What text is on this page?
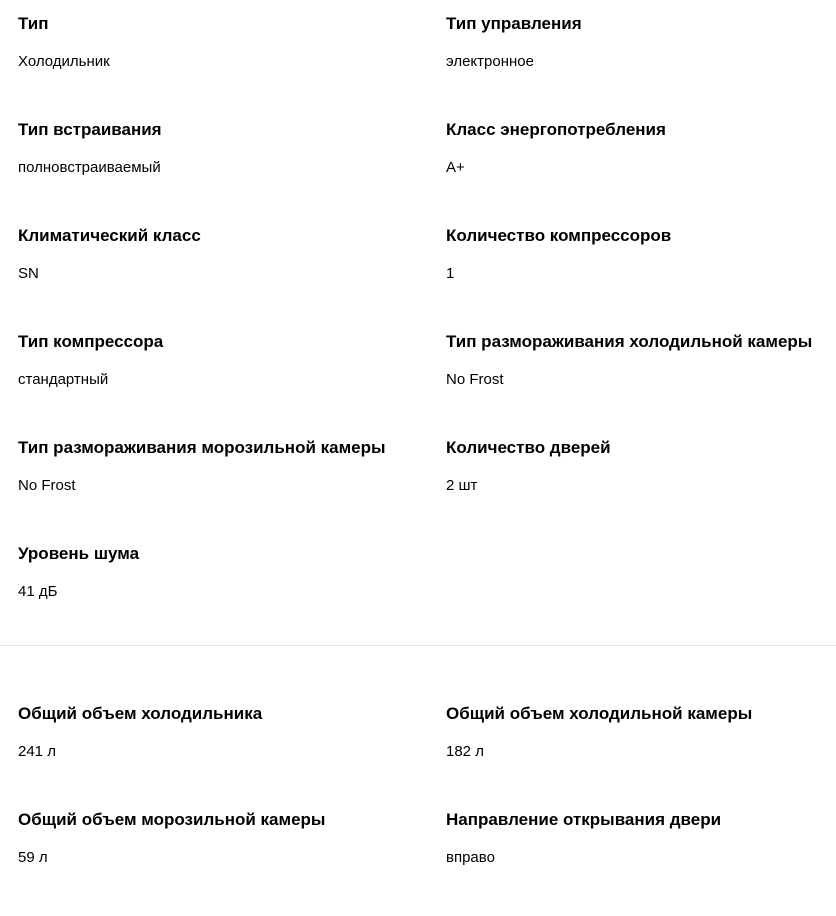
Тип
Холодильник
Тип управления
электронное
Тип встраивания
полновстраиваемый
Класс энергопотребления
A+
Климатический класс
SN
Количество компрессоров
1
Тип компрессора
стандартный
Тип размораживания холодильной камеры
No Frost
Тип размораживания морозильной камеры
No Frost
Количество дверей
2 шт
Уровень шума
41 дБ
Общий объем холодильника
241 л
Общий объем холодильной камеры
182 л
Общий объем морозильной камеры
59 л
Направление открывания двери
вправо
